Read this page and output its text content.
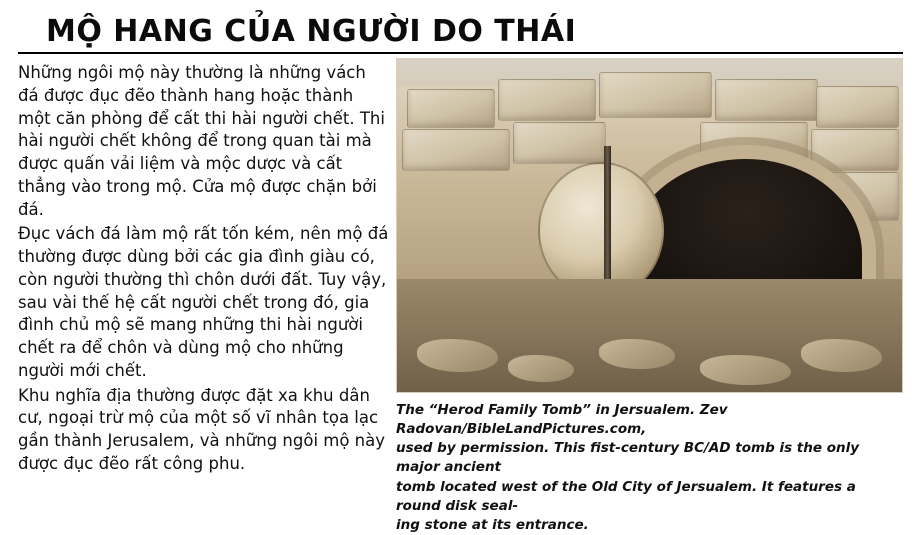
MỘ HANG CỦA NGƯỜI DO THÁI

Những ngôi mộ này thường là những vách đá được đục đẽo thành hang hoặc thành một căn phòng để cất thi hài người chết. Thi hài người chết không để trong quan tài mà được quấn vải liệm và mộc dược và cất thẳng vào trong mộ. Cửa mộ được chặn bởi đá.

Đục vách đá làm mộ rất tốn kém, nên mộ đá thường được dùng bởi các gia đình giàu có, còn người thường thì chôn dưới đất. Tuy vậy, sau vài thế hệ cất người chết trong đó, gia đình chủ mộ sẽ mang những thi hài người chết ra để chôn và dùng mộ cho những người mới chết.

Khu nghĩa địa thường được đặt xa khu dân cư, ngoại trừ mộ của một số vĩ nhân tọa lạc gần thành Jerusalem, và những ngôi mộ này được đục đẽo rất công phu.

The “Herod Family Tomb” in Jersualem. Zev Radovan/BibleLandPictures.com,

used by permission. This fist-century BC/AD tomb is the only major ancient

tomb located west of the Old City of Jersualem. It features a round disk seal-

ing stone at its entrance.
